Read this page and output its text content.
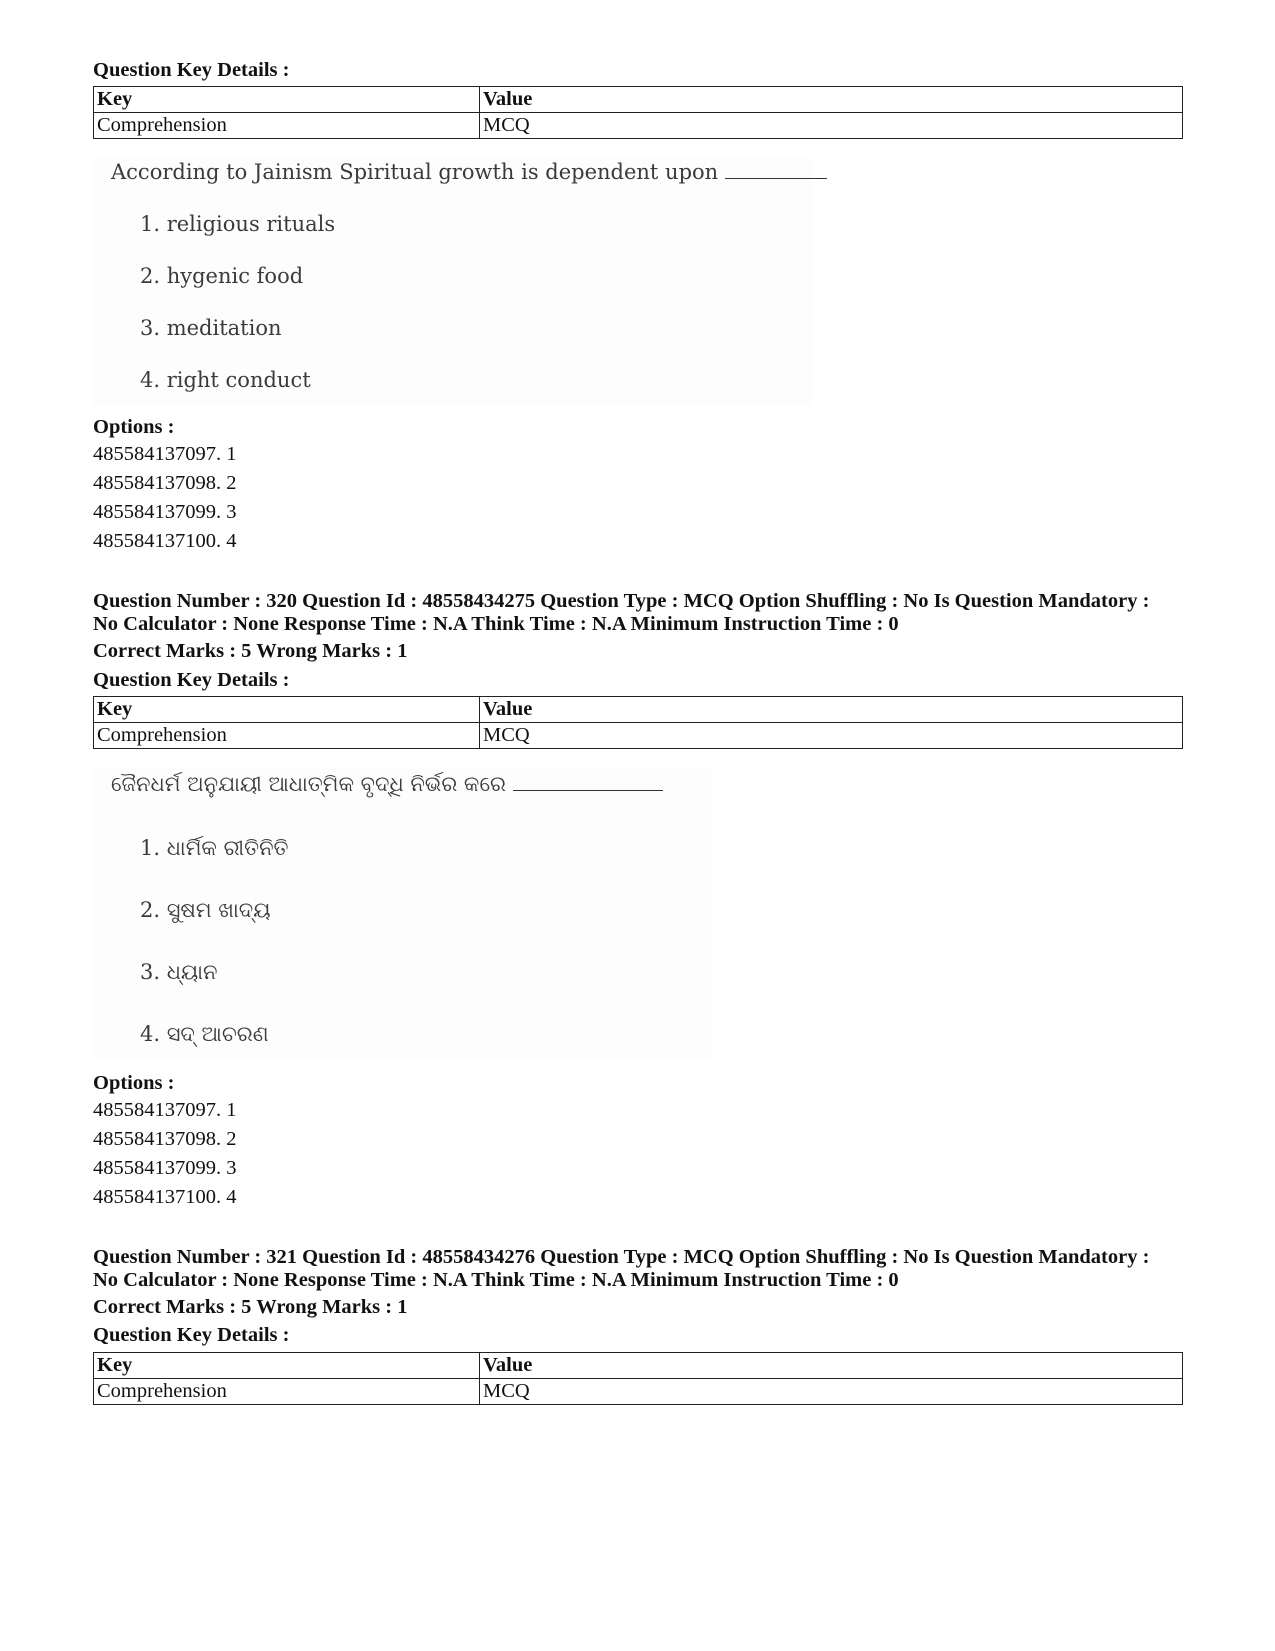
Question Key Details :
Key	Value
Comprehension	MCQ
According to Jainism Spiritual growth is dependent upon
1. religious rituals
2. hygenic food
3. meditation
4. right conduct
Options :
485584137097. 1
485584137098. 2
485584137099. 3
485584137100. 4
Question Number : 320 Question Id : 48558434275 Question Type : MCQ Option Shuffling : No Is Question Mandatory :
No Calculator : None Response Time : N.A Think Time : N.A Minimum Instruction Time : 0
Correct Marks : 5 Wrong Marks : 1
Question Key Details :
Key	Value
Comprehension	MCQ
ଜୈନଧର୍ମ ଅନୁଯାୟୀ ଆଧାତ୍ମିକ ବୃଦ୍ଧି ନିର୍ଭର କରେ
1. ଧାର୍ମିକ ରୀତିନିତି
2. ସୁଷମ ଖାଦ୍ୟ
3. ଧ୍ୟାନ
4. ସଦ୍ ଆଚରଣ
Options :
485584137097. 1
485584137098. 2
485584137099. 3
485584137100. 4
Question Number : 321 Question Id : 48558434276 Question Type : MCQ Option Shuffling : No Is Question Mandatory :
No Calculator : None Response Time : N.A Think Time : N.A Minimum Instruction Time : 0
Correct Marks : 5 Wrong Marks : 1
Question Key Details :
Key	Value
Comprehension	MCQ
